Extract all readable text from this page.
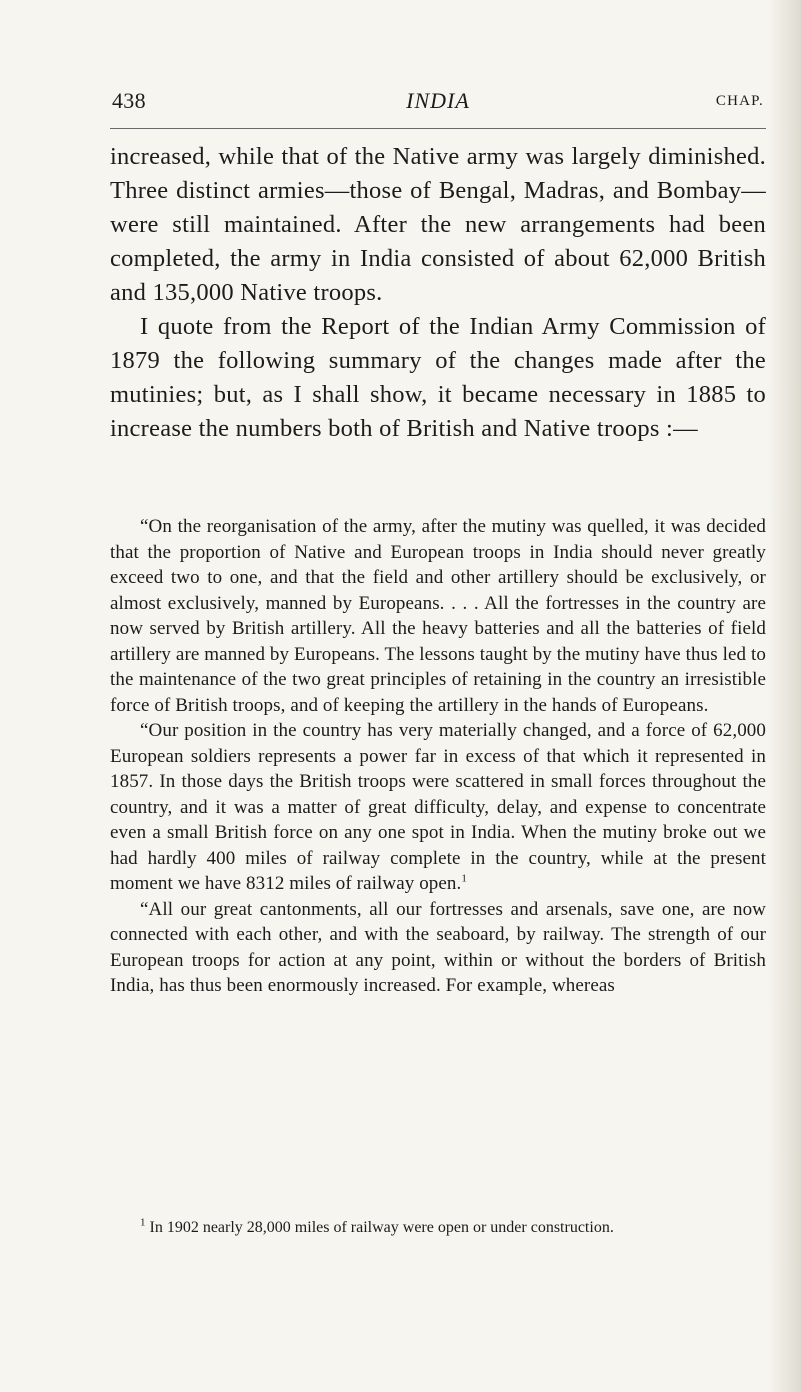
438	INDIA	CHAP.

increased, while that of the Native army was largely diminished. Three distinct armies—those of Bengal, Madras, and Bombay—were still maintained. After the new arrangements had been completed, the army in India consisted of about 62,000 British and 135,000 Native troops.

I quote from the Report of the Indian Army Commission of 1879 the following summary of the changes made after the mutinies; but, as I shall show, it became necessary in 1885 to increase the numbers both of British and Native troops :—

“On the reorganisation of the army, after the mutiny was quelled, it was decided that the proportion of Native and European troops in India should never greatly exceed two to one, and that the field and other artillery should be exclusively, or almost exclusively, manned by Europeans. . . . All the fortresses in the country are now served by British artillery. All the heavy batteries and all the batteries of field artillery are manned by Europeans. The lessons taught by the mutiny have thus led to the maintenance of the two great principles of retaining in the country an irresistible force of British troops, and of keeping the artillery in the hands of Europeans.

“Our position in the country has very materially changed, and a force of 62,000 European soldiers represents a power far in excess of that which it represented in 1857. In those days the British troops were scattered in small forces throughout the country, and it was a matter of great difficulty, delay, and expense to concentrate even a small British force on any one spot in India. When the mutiny broke out we had hardly 400 miles of railway complete in the country, while at the present moment we have 8312 miles of railway open.$^1$

“All our great cantonments, all our fortresses and arsenals, save one, are now connected with each other, and with the seaboard, by railway. The strength of our European troops for action at any point, within or without the borders of British India, has thus been enormously increased. For example, whereas

$^1$ In 1902 nearly 28,000 miles of railway were open or under construction.
